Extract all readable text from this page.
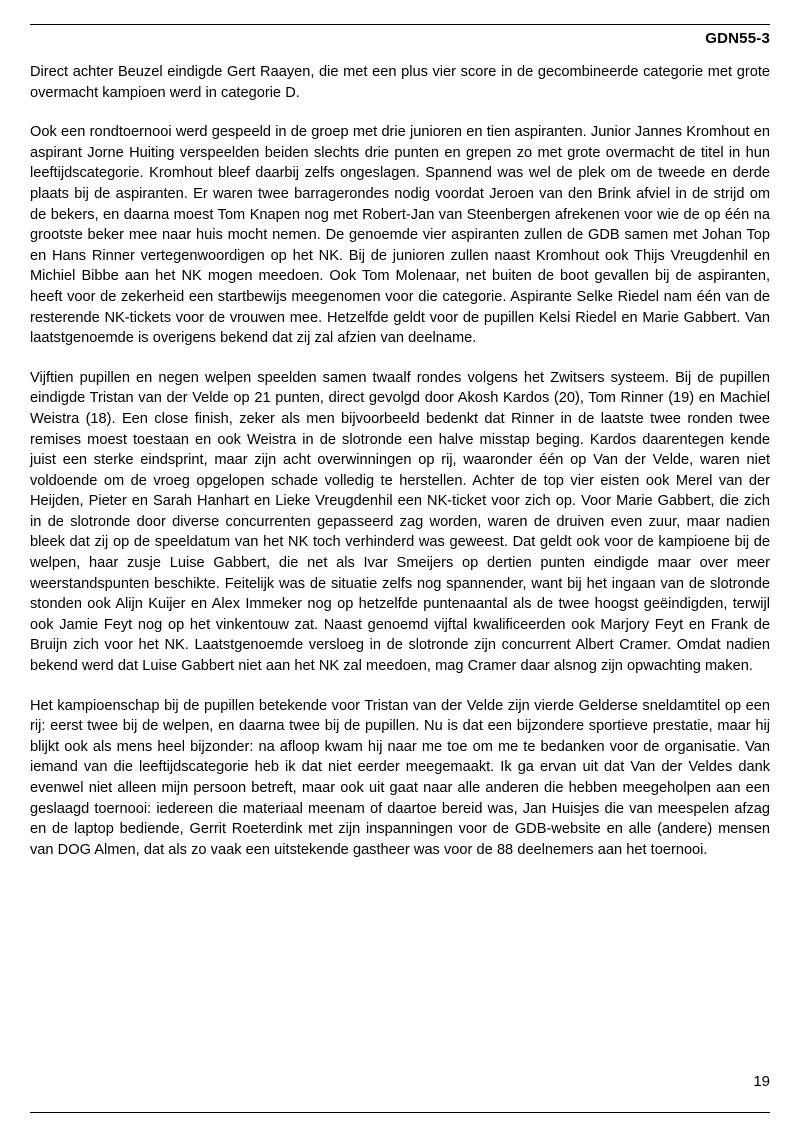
GDN55-3

Direct achter Beuzel eindigde Gert Raayen, die met een plus vier score in de gecombineerde categorie met grote overmacht kampioen werd in categorie D.

Ook een rondtoernooi werd gespeeld in de groep met drie junioren en tien aspiranten. Junior Jannes Kromhout en aspirant Jorne Huiting verspeelden beiden slechts drie punten en grepen zo met grote overmacht de titel in hun leeftijdscategorie. Kromhout bleef daarbij zelfs ongeslagen. Spannend was wel de plek om de tweede en derde plaats bij de aspiranten. Er waren twee barragerondes nodig voordat Jeroen van den Brink afviel in de strijd om de bekers, en daarna moest Tom Knapen nog met Robert-Jan van Steenbergen afrekenen voor wie de op één na grootste beker mee naar huis mocht nemen. De genoemde vier aspiranten zullen de GDB samen met Johan Top en Hans Rinner vertegenwoordigen op het NK. Bij de junioren zullen naast Kromhout ook Thijs Vreugdenhil en Michiel Bibbe aan het NK mogen meedoen. Ook Tom Molenaar, net buiten de boot gevallen bij de aspiranten, heeft voor de zekerheid een startbewijs meegenomen voor die categorie. Aspirante Selke Riedel nam één van de resterende NK-tickets voor de vrouwen mee. Hetzelfde geldt voor de pupillen Kelsi Riedel en Marie Gabbert. Van laatstgenoemde is overigens bekend dat zij zal afzien van deelname.

Vijftien pupillen en negen welpen speelden samen twaalf rondes volgens het Zwitsers systeem. Bij de pupillen eindigde Tristan van der Velde op 21 punten, direct gevolgd door Akosh Kardos (20), Tom Rinner (19) en Machiel Weistra (18). Een close finish, zeker als men bijvoorbeeld bedenkt dat Rinner in de laatste twee ronden twee remises moest toestaan en ook Weistra in de slotronde een halve misstap beging. Kardos daarentegen kende juist een sterke eindsprint, maar zijn acht overwinningen op rij, waaronder één op Van der Velde, waren niet voldoende om de vroeg opgelopen schade volledig te herstellen. Achter de top vier eisten ook Merel van der Heijden, Pieter en Sarah Hanhart en Lieke Vreugdenhil een NK-ticket voor zich op. Voor Marie Gabbert, die zich in de slotronde door diverse concurrenten gepasseerd zag worden, waren de druiven even zuur, maar nadien bleek dat zij op de speeldatum van het NK toch verhinderd was geweest. Dat geldt ook voor de kampioene bij de welpen, haar zusje Luise Gabbert, die net als Ivar Smeijers op dertien punten eindigde maar over meer weerstandspunten beschikte. Feitelijk was de situatie zelfs nog spannender, want bij het ingaan van de slotronde stonden ook Alijn Kuijer en Alex Immeker nog op hetzelfde puntenaantal als de twee hoogst geëindigden, terwijl ook Jamie Feyt nog op het vinkentouw zat. Naast genoemd vijftal kwalificeerden ook Marjory Feyt en Frank de Bruijn zich voor het NK. Laatstgenoemde versloeg in de slotronde zijn concurrent Albert Cramer. Omdat nadien bekend werd dat Luise Gabbert niet aan het NK zal meedoen, mag Cramer daar alsnog zijn opwachting maken.

Het kampioenschap bij de pupillen betekende voor Tristan van der Velde zijn vierde Gelderse sneldamtitel op een rij: eerst twee bij de welpen, en daarna twee bij de pupillen. Nu is dat een bijzondere sportieve prestatie, maar hij blijkt ook als mens heel bijzonder: na afloop kwam hij naar me toe om me te bedanken voor de organisatie. Van iemand van die leeftijdscategorie heb ik dat niet eerder meegemaakt. Ik ga ervan uit dat Van der Veldes dank evenwel niet alleen mijn persoon betreft, maar ook uit gaat naar alle anderen die hebben meegeholpen aan een geslaagd toernooi: iedereen die materiaal meenam of daartoe bereid was, Jan Huisjes die van meespelen afzag en de laptop bediende, Gerrit Roeterdink met zijn inspanningen voor de GDB-website en alle (andere) mensen van DOG Almen, dat als zo vaak een uitstekende gastheer was voor de 88 deelnemers aan het toernooi.

19
